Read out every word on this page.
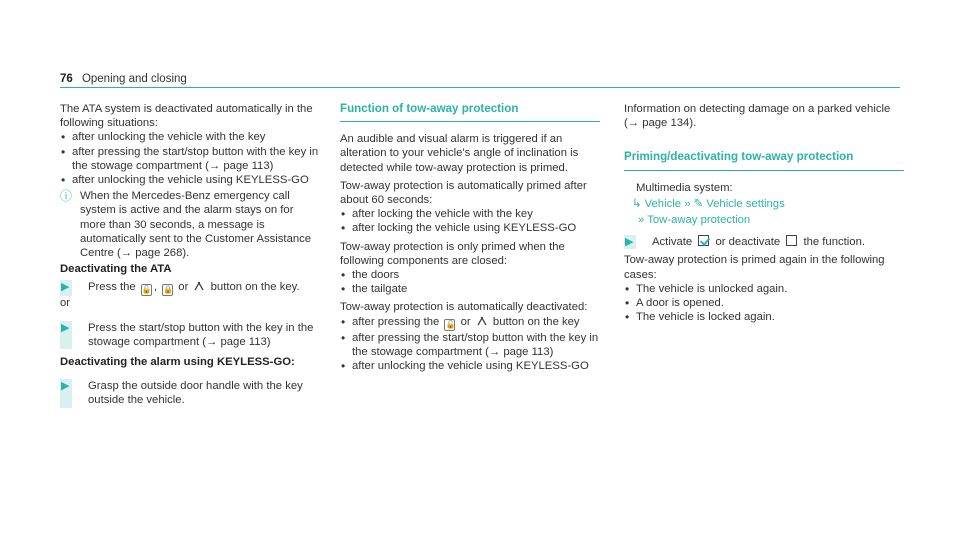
76 Opening and closing

The ATA system is deactivated automatically in the following situations:

• after unlocking the vehicle with the key
• after pressing the start/stop button with the key in the stowage compartment (→ page 113)
• after unlocking the vehicle using KEYLESS-GO
ⓘ When the Mercedes-Benz emergency call system is active and the alarm stays on for more than 30 seconds, a message is automatically sent to the Customer Assistance Centre (→ page 268).
Deactivating the ATA
▶ Press the 🔓 , 🔒 or  button on the key.

or

▶ Press the start/stop button with the key in the stowage compartment (→ page 113)
Deactivating the alarm using KEYLESS-GO:
▶ Grasp the outside door handle with the key outside the vehicle.
Function of tow-away protection

An audible and visual alarm is triggered if an alteration to your vehicle's angle of inclination is detected while tow-away protection is primed.

Tow-away protection is automatically primed after about 60 seconds:

• after locking the vehicle with the key
• after locking the vehicle using KEYLESS-GO

Tow-away protection is only primed when the following components are closed:

• the doors
• the tailgate

Tow-away protection is automatically deactivated:

• after pressing the 🔓 or  button on the key
• after pressing the start/stop button with the key in the stowage compartment (→ page 113)
• after unlocking the vehicle using KEYLESS-GO

Information on detecting damage on a parked vehicle (→ page 134).

Priming/deactivating tow-away protection

Multimedia system:

↳ Vehicle » ✎ Vehicle settings
» Tow-away protection
▶ Activate or deactivate the function.

Tow-away protection is primed again in the following cases:

• The vehicle is unlocked again.
• A door is opened.
• The vehicle is locked again.
